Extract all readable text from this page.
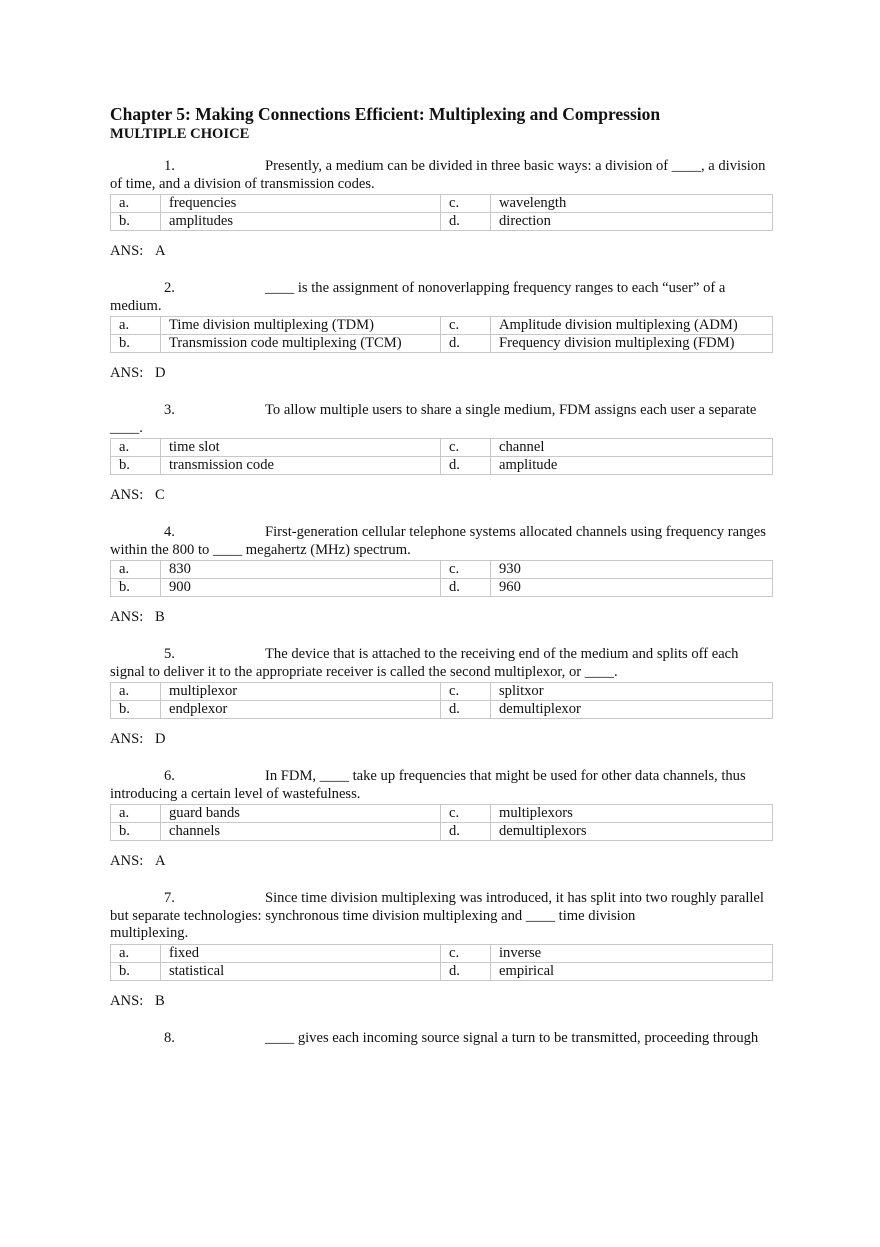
Chapter 5: Making Connections Efficient: Multiplexing and Compression

MULTIPLE CHOICE

1.	Presently, a medium can be divided in three basic ways: a division of ____, a division

of time, and a division of transmission codes.

a.	frequencies	c.	wavelength
b.	amplitudes	d.	direction

ANS: A

2.	____ is the assignment of nonoverlapping frequency ranges to each “user” of a

medium.

a.	Time division multiplexing (TDM)	c.	Amplitude division multiplexing (ADM)
b.	Transmission code multiplexing (TCM)	d.	Frequency division multiplexing (FDM)

ANS: D

3.	To allow multiple users to share a single medium, FDM assigns each user a separate

____.

a.	time slot	c.	channel
b.	transmission code	d.	amplitude

ANS: C

4.	First-generation cellular telephone systems allocated channels using frequency ranges

within the 800 to ____ megahertz (MHz) spectrum.

a.	830	c.	930
b.	900	d.	960

ANS: B

5.	The device that is attached to the receiving end of the medium and splits off each

signal to deliver it to the appropriate receiver is called the second multiplexor, or ____.

a.	multiplexor	c.	splitxor
b.	endplexor	d.	demultiplexor

ANS: D

6.	In FDM, ____ take up frequencies that might be used for other data channels, thus

introducing a certain level of wastefulness.

a.	guard bands	c.	multiplexors
b.	channels	d.	demultiplexors

ANS: A

7.	Since time division multiplexing was introduced, it has split into two roughly parallel

but separate technologies: synchronous time division multiplexing and ____ time division

multiplexing.

a.	fixed	c.	inverse
b.	statistical	d.	empirical

ANS: B

8.	____ gives each incoming source signal a turn to be transmitted, proceeding through
